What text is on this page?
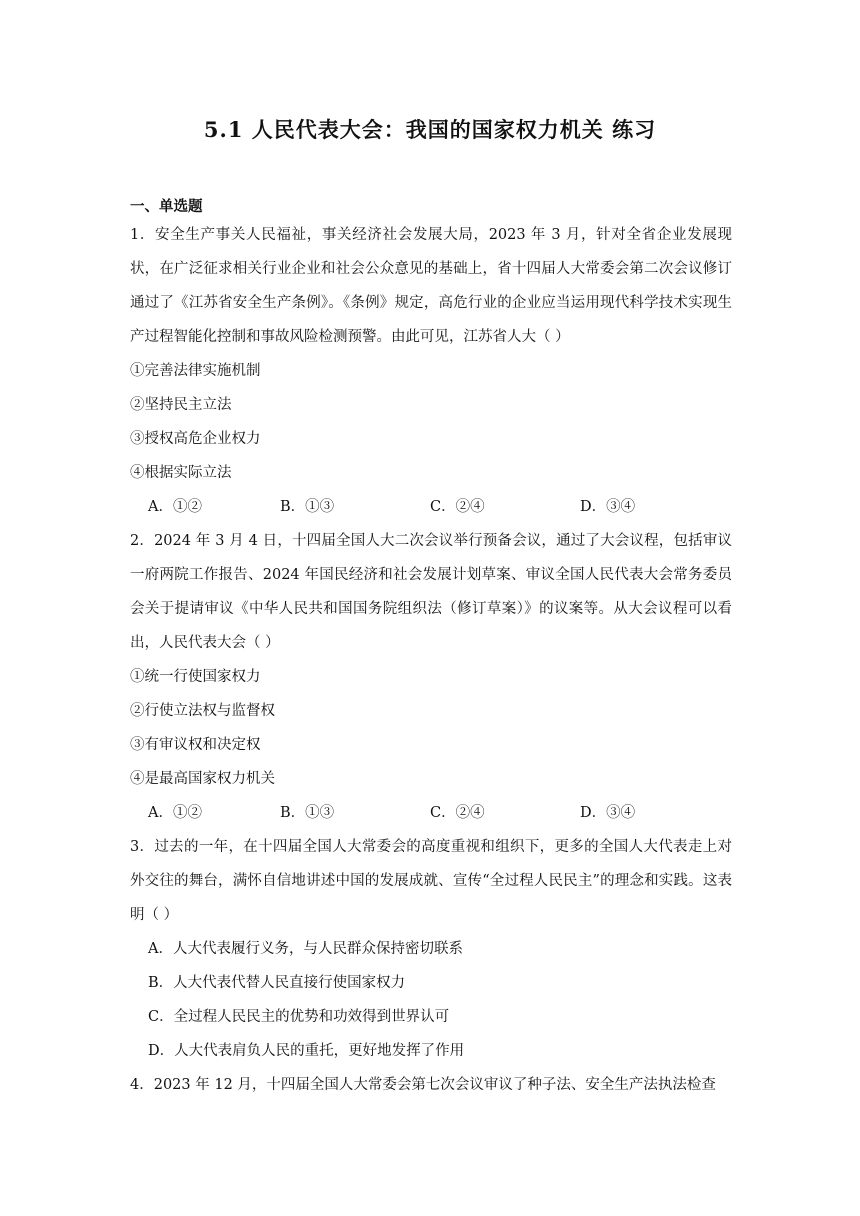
5.1 人民代表大会：我国的国家权力机关 练习
一、单选题
1．安全生产事关人民福祉，事关经济社会发展大局，2023 年 3 月，针对全省企业发展现状，在广泛征求相关行业企业和社会公众意见的基础上，省十四届人大常委会第二次会议修订通过了《江苏省安全生产条例》。《条例》规定，高危行业的企业应当运用现代科学技术实现生产过程智能化控制和事故风险检测预警。由此可见，江苏省人大（ ）
①完善法律实施机制
②坚持民主立法
③授权高危企业权力
④根据实际立法
A．①②	B．①③	C．②④	D．③④
2．2024 年 3 月 4 日，十四届全国人大二次会议举行预备会议，通过了大会议程，包括审议一府两院工作报告、2024 年国民经济和社会发展计划草案、审议全国人民代表大会常务委员会关于提请审议《中华人民共和国国务院组织法（修订草案）》的议案等。从大会议程可以看出，人民代表大会（ ）
①统一行使国家权力
②行使立法权与监督权
③有审议权和决定权
④是最高国家权力机关
A．①②	B．①③	C．②④	D．③④
3．过去的一年，在十四届全国人大常委会的高度重视和组织下，更多的全国人大代表走上对外交往的舞台，满怀自信地讲述中国的发展成就、宣传“全过程人民民主”的理念和实践。这表明（ ）
A．人大代表履行义务，与人民群众保持密切联系
B．人大代表代替人民直接行使国家权力
C．全过程人民民主的优势和功效得到世界认可
D．人大代表肩负人民的重托，更好地发挥了作用
4．2023 年 12 月，十四届全国人大常委会第七次会议审议了种子法、安全生产法执法检查
